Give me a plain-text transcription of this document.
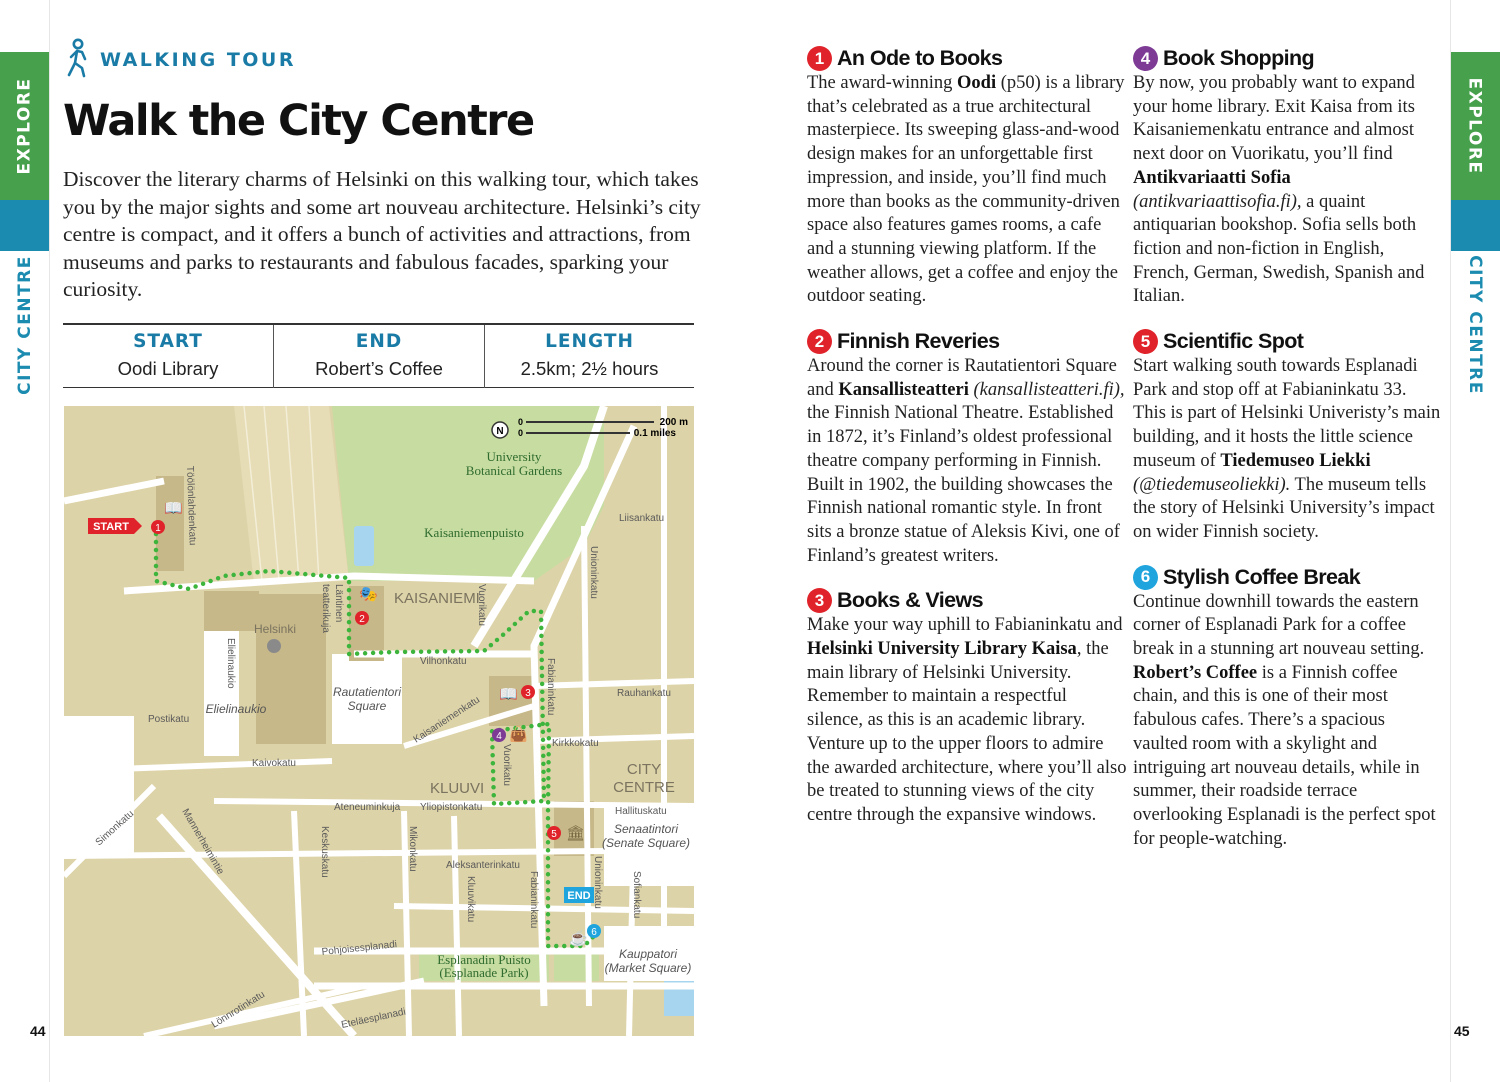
EXPLORE
CITY CENTRE
EXPLORE
CITY CENTRE
44	45
WALKING TOUR
Walk the City Centre

Discover the literary charms of Helsinki on this walking tour, which takes you by the major sights and some art nouveau architecture. Helsinki’s city centre is compact, and it offers a bunch of activities and attractions, from museums and parks to restaurants and fabulous facades, sparking your curiosity.

START	END	LENGTH
Oodi Library	Robert’s Coffee	2.5km; 2½ hours
START
END
1
2
3
4
5
6
📖
🎭
📖
👜
🏛
☕
N
0
0
200 m
0.1 miles
University
Botanical Gardens
Kaisaniemenpuisto
Esplanadin Puisto
(Esplanade Park)
KAISANIEMI
KLUUVI
CITY
CENTRE
Helsinki
Rautatientori
Square
Senaatintori
(Senate Square)
Kauppatori
(Market Square)
Elielinaukio
Töölönlahdenkatu
Läntinen
teatterikuja
Vilhonkatu
Vuorikatu
Liisankatu
Unioninkatu
Fabianinkatu	Rauhankatu
Elielinaukio
Postikatu	Kaisaniemenkatu	Kirkkokatu
Vuorikatu
Kaivokatu
Hallituskatu
Ateneuminkuja Yliopistonkatu
Simonkatu	Mannerheimintie	Mikonkatu
Keskuskatu	Aleksanterinkatu
Kluuvikatu	Fabianinkatu	Unioninkatu	Sofiankatu
Pohjoisesplanadi
Lönnrotinkatu	Eteläesplanadi
1 An Ode to Books
The award-winning Oodi (p50) is a library that’s celebrated as a true architectural masterpiece. Its sweeping glass-and-wood design makes for an unforgettable first impression, and inside, you’ll find much more than books as the community-driven space also features games rooms, a cafe and a stunning viewing platform. If the weather allows, get a coffee and enjoy the outdoor seating.
2 Finnish Reveries
Around the corner is Rautatientori Square and Kansallisteatteri (kansallisteatteri.fi), the Finnish National Theatre. Established in 1872, it’s Finland’s oldest professional theatre company performing in Finnish. Built in 1902, the building showcases the Finnish national romantic style. In front sits a bronze statue of Aleksis Kivi, one of Finland’s greatest writers.
3 Books & Views
Make your way uphill to Fabianinkatu and Helsinki University Library Kaisa, the main library of Helsinki University. Remember to maintain a respectful silence, as this is an academic library. Venture up to the upper floors to admire the awarded architecture, where you’ll also be treated to stunning views of the city centre through the expansive windows.
4 Book Shopping
By now, you probably want to expand your home library. Exit Kaisa from its Kaisaniemenkatu entrance and almost next door on Vuorikatu, you’ll find Antikvariaatti Sofia (antikvariaattisofia.fi), a quaint antiquarian bookshop. Sofia sells both fiction and non-fiction in English, French, German, Swedish, Spanish and Italian.
5 Scientific Spot
Start walking south towards Esplanadi Park and stop off at Fabianinkatu 33. This is part of Helsinki Univeristy’s main building, and it hosts the little science museum of Tiedemuseo Liekki (@tiedemuseoliekki). The museum tells the story of Helsinki University’s impact on wider Finnish society.
6 Stylish Coffee Break
Continue downhill towards the eastern corner of Esplanadi Park for a coffee break in a stunning art nouveau setting. Robert’s Coffee is a Finnish coffee chain, and this is one of their most fabulous cafes. There’s a spacious vaulted room with a skylight and intriguing art nouveau details, while in summer, their roadside terrace overlooking Esplanadi is the perfect spot for people-watching.
